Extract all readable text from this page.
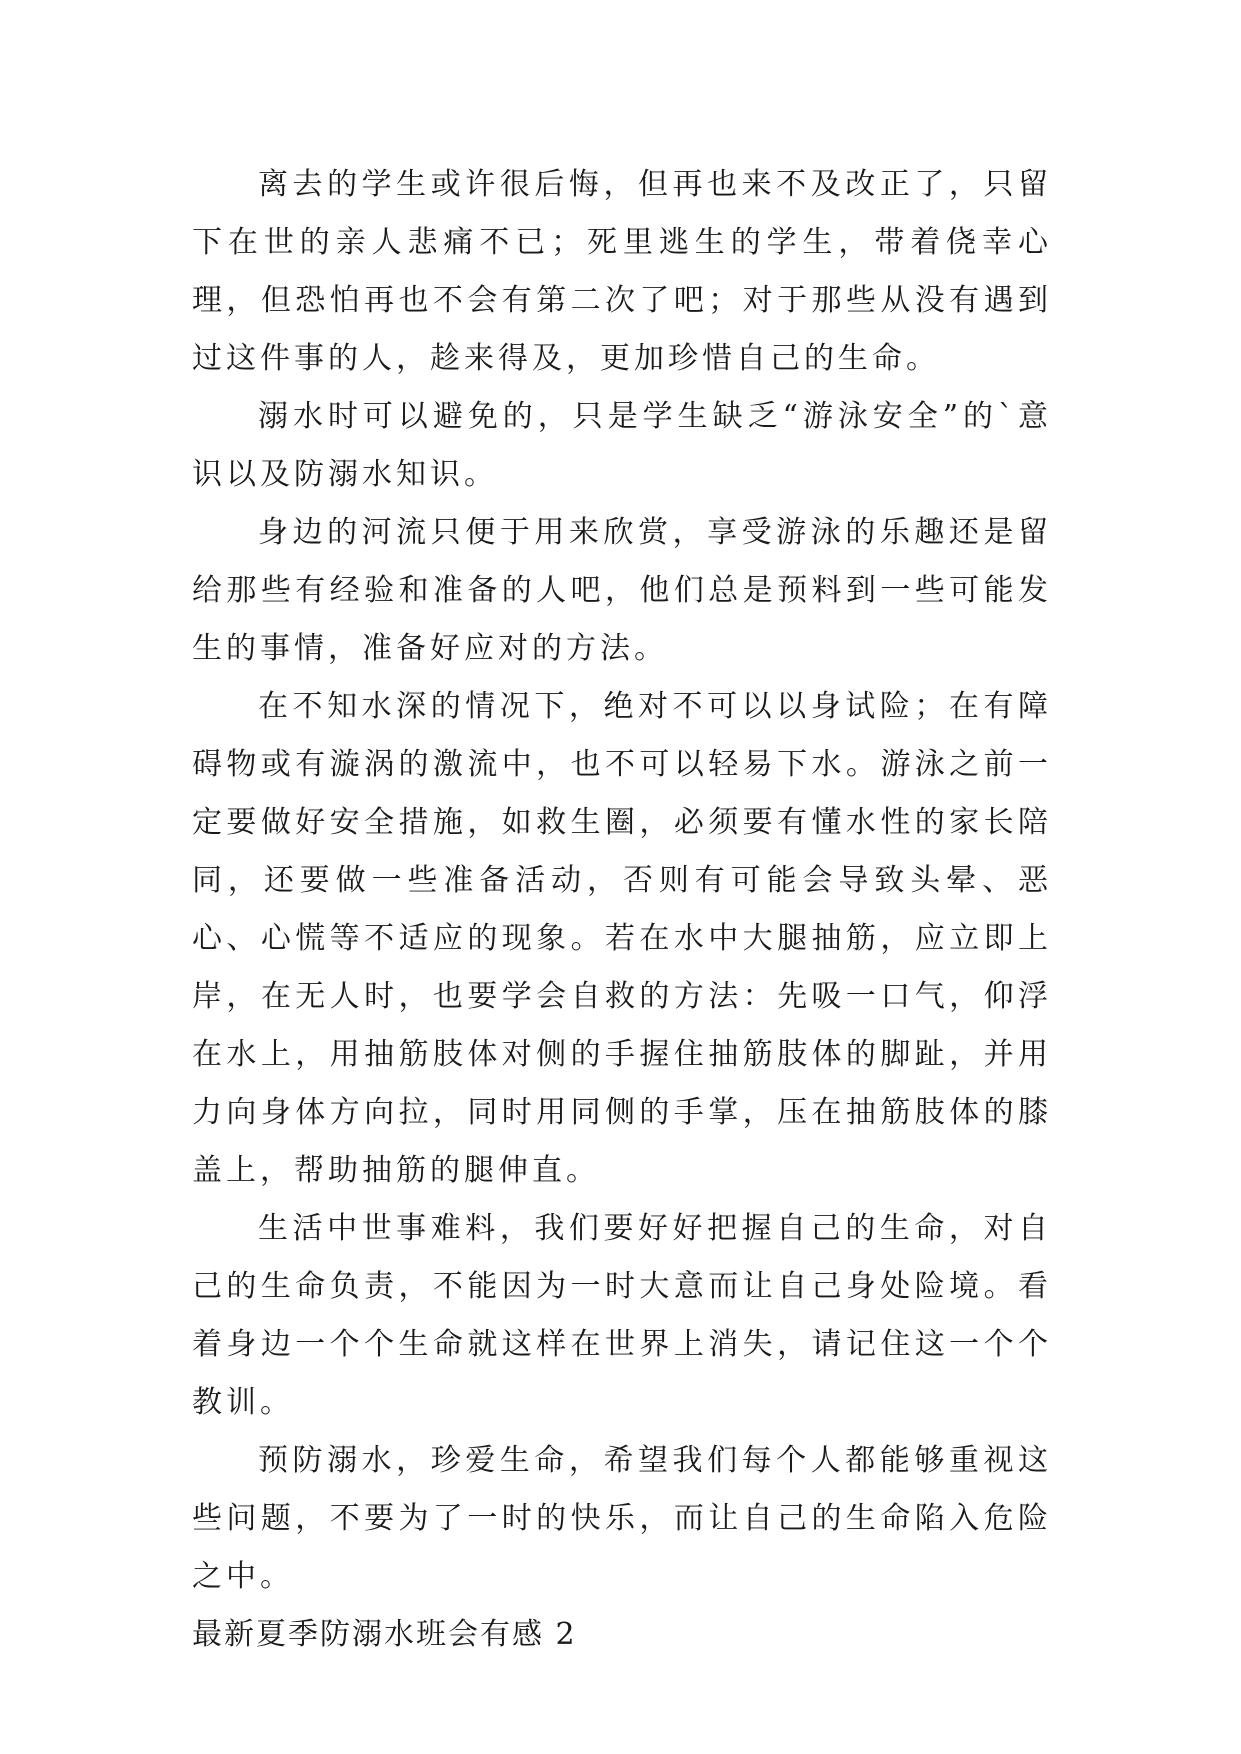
离去的学生或许很后悔，但再也来不及改正了，只留下在世的亲人悲痛不已；死里逃生的学生，带着侥幸心理，但恐怕再也不会有第二次了吧；对于那些从没有遇到过这件事的人，趁来得及，更加珍惜自己的生命。

溺水时可以避免的，只是学生缺乏“游泳安全”的`意识以及防溺水知识。

身边的河流只便于用来欣赏，享受游泳的乐趣还是留给那些有经验和准备的人吧，他们总是预料到一些可能发生的事情，准备好应对的方法。

在不知水深的情况下，绝对不可以以身试险；在有障碍物或有漩涡的激流中，也不可以轻易下水。游泳之前一定要做好安全措施，如救生圈，必须要有懂水性的家长陪同，还要做一些准备活动，否则有可能会导致头晕、恶心、心慌等不适应的现象。若在水中大腿抽筋，应立即上岸，在无人时，也要学会自救的方法：先吸一口气，仰浮在水上，用抽筋肢体对侧的手握住抽筋肢体的脚趾，并用力向身体方向拉，同时用同侧的手掌，压在抽筋肢体的膝盖上，帮助抽筋的腿伸直。

生活中世事难料，我们要好好把握自己的生命，对自己的生命负责，不能因为一时大意而让自己身处险境。看着身边一个个生命就这样在世界上消失，请记住这一个个教训。

预防溺水，珍爱生命，希望我们每个人都能够重视这些问题，不要为了一时的快乐，而让自己的生命陷入危险之中。

最新夏季防溺水班会有感 2
